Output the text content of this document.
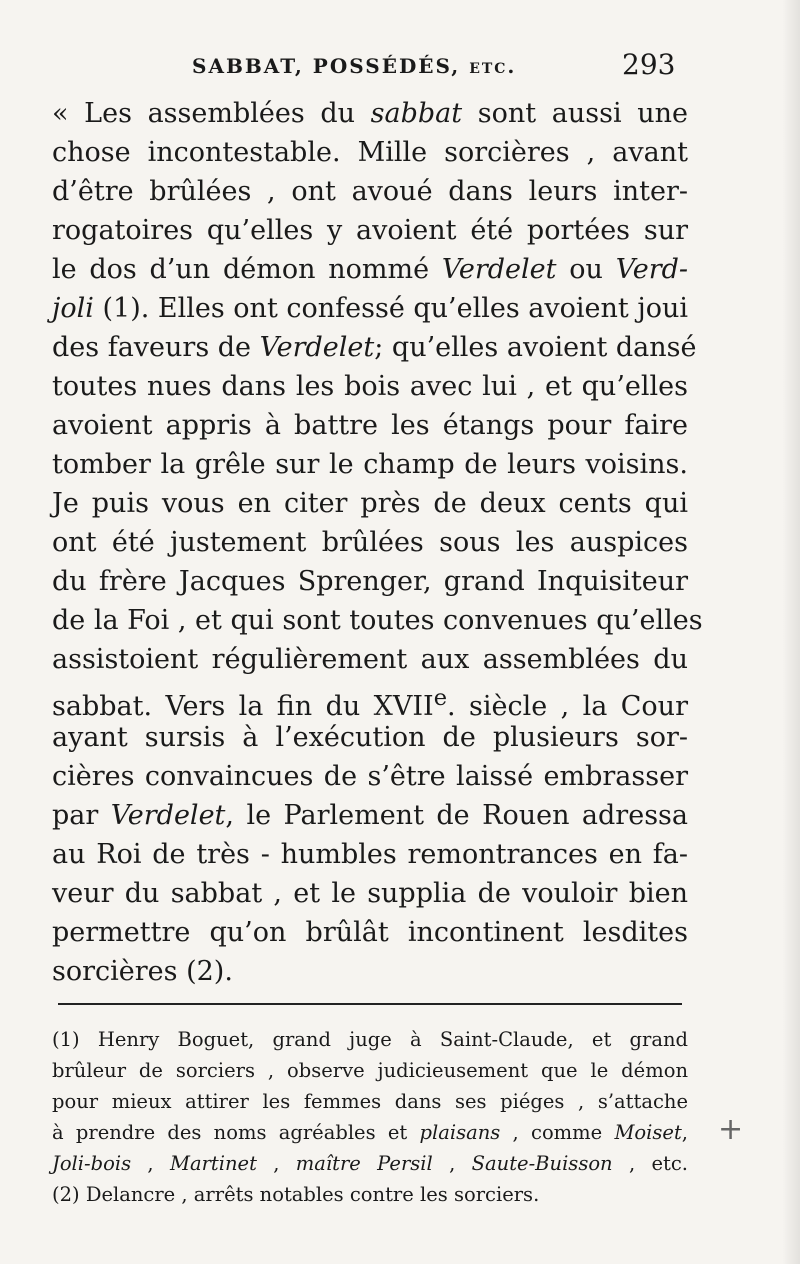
SABBAT, POSSÉDÉS, etc.	293
« Les assemblées du sabbat sont aussi une
chose incontestable. Mille sorcières , avant
d’être brûlées , ont avoué dans leurs inter-
rogatoires qu’elles y avoient été portées sur
le dos d’un démon nommé Verdelet ou Verd-
joli (1). Elles ont confessé qu’elles avoient joui
des faveurs de Verdelet; qu’elles avoient dansé
toutes nues dans les bois avec lui , et qu’elles
avoient appris à battre les étangs pour faire
tomber la grêle sur le champ de leurs voisins.
Je puis vous en citer près de deux cents qui
ont été justement brûlées sous les auspices
du frère Jacques Sprenger, grand Inquisiteur
de la Foi , et qui sont toutes convenues qu’elles
assistoient régulièrement aux assemblées du
sabbat. Vers la fin du XVIIe. siècle , la Cour
ayant sursis à l’exécution de plusieurs sor-
cières convaincues de s’être laissé embrasser
par Verdelet, le Parlement de Rouen adressa
au Roi de très - humbles remontrances en fa-
veur du sabbat , et le supplia de vouloir bien
permettre qu’on brûlât incontinent lesdites
sorcières (2).
(1) Henry Boguet, grand juge à Saint-Claude, et grand
brûleur de sorciers , observe judicieusement que le démon
pour mieux attirer les femmes dans ses piéges , s’attache
à prendre des noms agréables et plaisans , comme Moiset,
Joli-bois , Martinet , maître Persil , Saute-Buisson , etc.
(2) Delancre , arrêts notables contre les sorciers.
+
